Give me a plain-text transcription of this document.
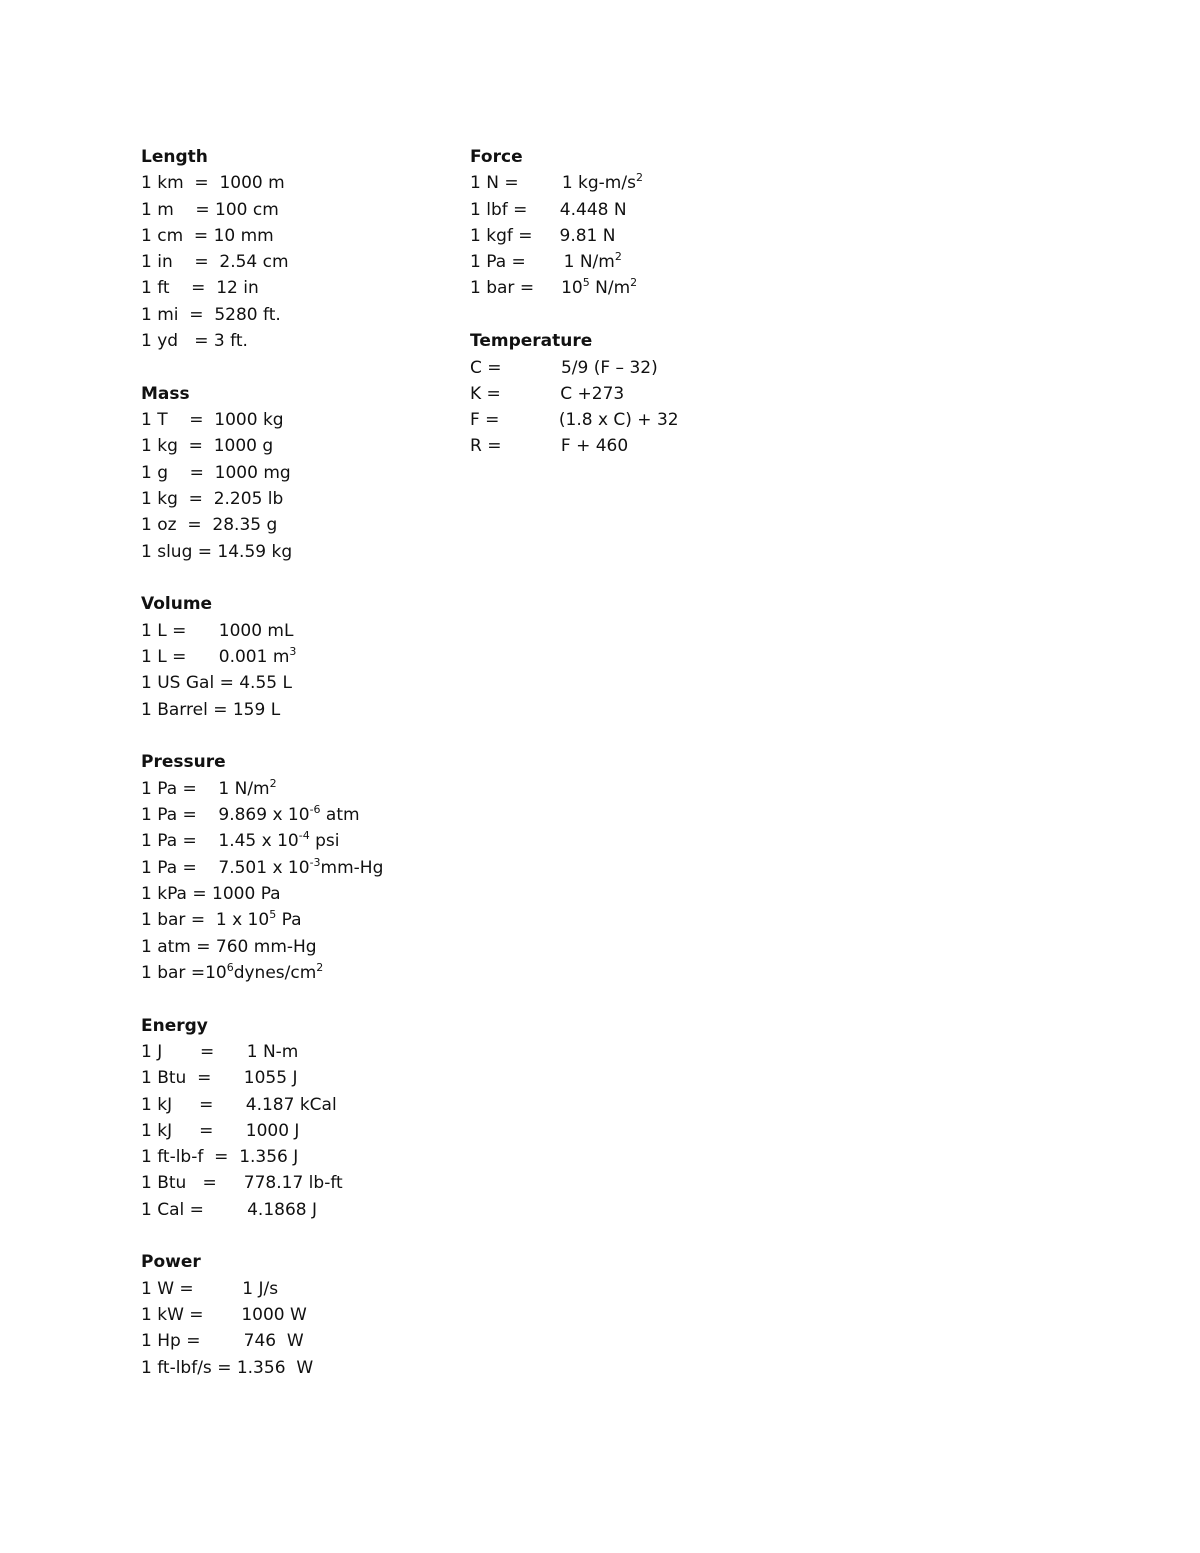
Length
1 km  =  1000 m
1 m    = 100 cm
1 cm  = 10 mm
1 in    =  2.54 cm
1 ft    =  12 in
1 mi  =  5280 ft.
1 yd   = 3 ft.
Mass
1 T    =  1000 kg
1 kg  =  1000 g
1 g    =  1000 mg
1 kg  =  2.205 lb
1 oz  =  28.35 g
1 slug = 14.59 kg
Volume
1 L =      1000 mL
1 L =      0.001 $m^3$
1 US Gal = 4.55 L
1 Barrel = 159 L
Pressure
1 Pa =    1 $N/m^2$
1 Pa =    9.869 x $10^{-6}$ atm
1 Pa =    1.45 x $10^{-4}$ psi
1 Pa =    7.501 x $10^{-3}mm-Hg$
1 kPa = 1000 Pa
1 bar =  1 x $10^5$ Pa
1 atm = 760 mm-Hg
1 bar $=10^6dynes/cm^2$
Energy
1 J       =      1 N-m
1 Btu  =      1055 J
1 kJ     =      4.187 kCal
1 kJ     =      1000 J
1 ft-lb-f  =  1.356 J
1 Btu   =     778.17 lb-ft
1 Cal =        4.1868 J
Power
1 W =         1 J/s
1 kW =       1000 W
1 Hp =        746  W
1 ft-lbf/s = 1.356  W
Force
1 N =        1 $kg-m/s^2$
1 lbf =      4.448 N
1 kgf =     9.81 N
1 Pa =       1 $N/m^2$
1 bar =     $10^5$ $N/m^2$
Temperature
C =           5/9 (F – 32)
K =           C +273
F =           (1.8 x C) + 32
R =           F + 460
